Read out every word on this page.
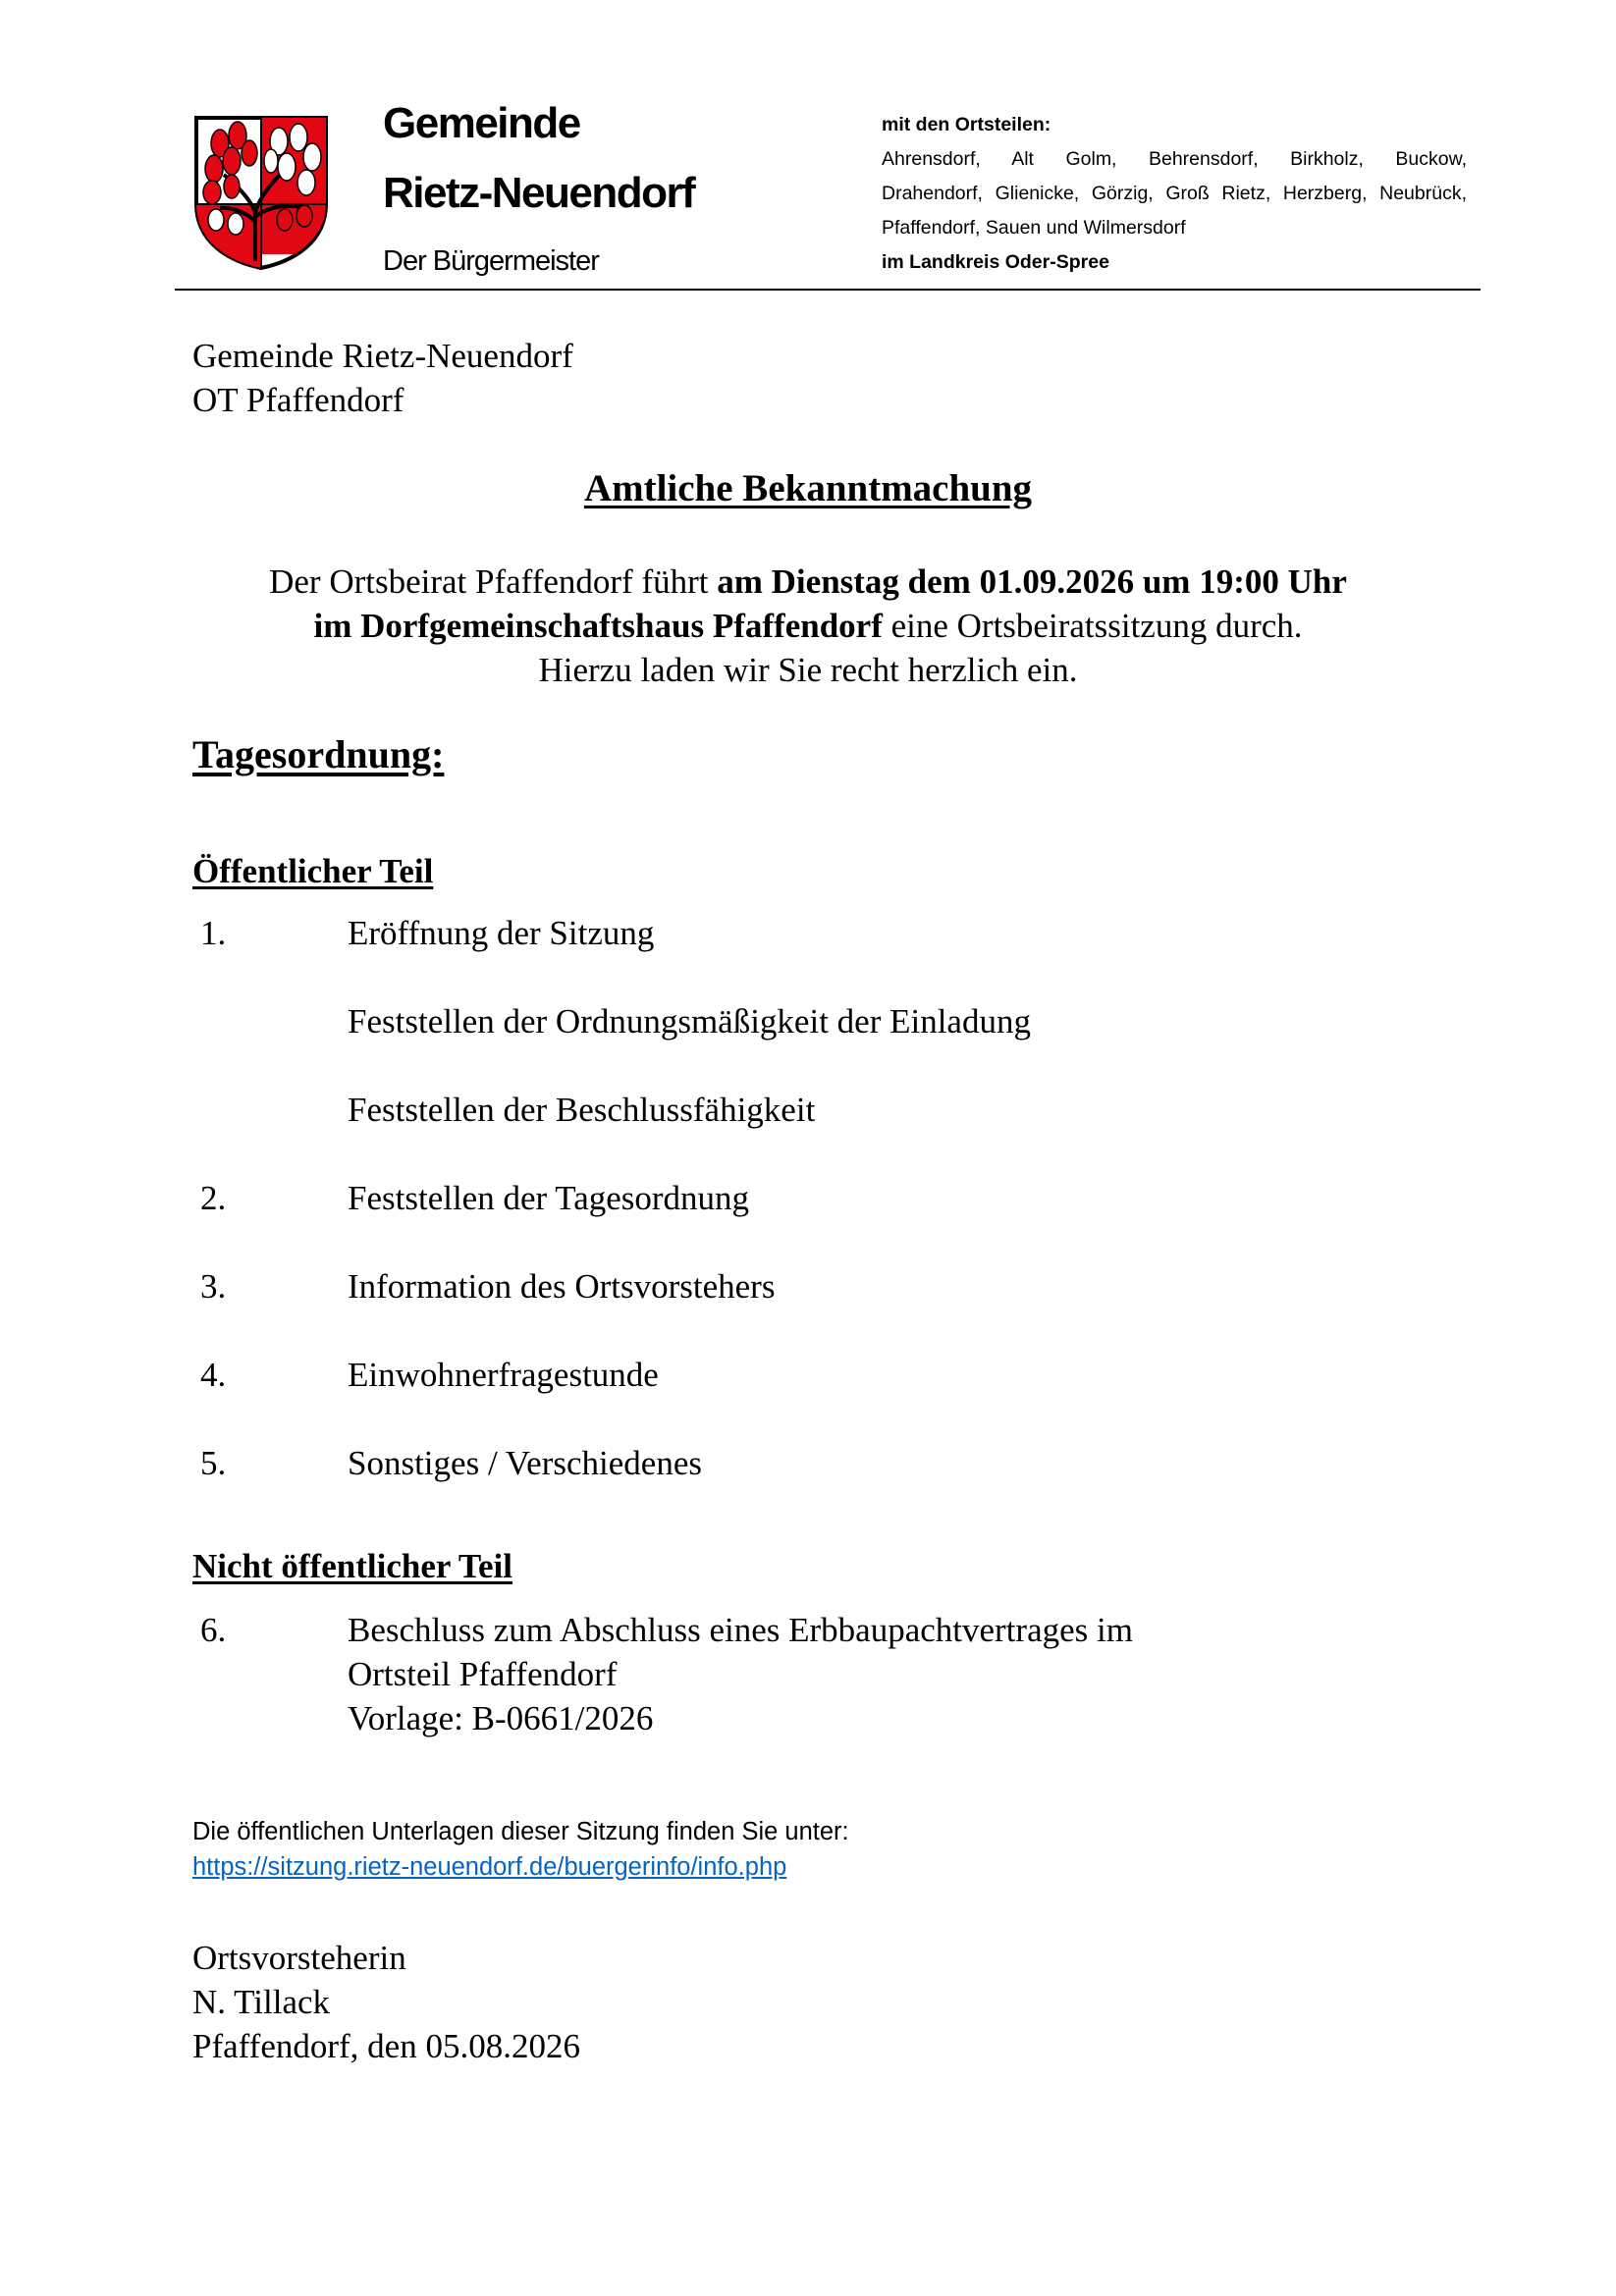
Gemeinde
Rietz-Neuendorf
Der Bürgermeister
mit den Ortsteilen:
Ahrensdorf, Alt Golm, Behrensdorf, Birkholz, Buckow,
Drahendorf, Glienicke, Görzig, Groß Rietz, Herzberg, Neubrück,
Pfaffendorf, Sauen und Wilmersdorf
im Landkreis Oder-Spree
Gemeinde Rietz-Neuendorf
OT Pfaffendorf
Amtliche Bekanntmachung
Der Ortsbeirat Pfaffendorf führt am Dienstag dem 01.09.2026 um 19:00 Uhr
im Dorfgemeinschaftshaus Pfaffendorf eine Ortsbeiratssitzung durch.
Hierzu laden wir Sie recht herzlich ein.
Tagesordnung:
Öffentlicher Teil
1.	Eröffnung der Sitzung
Feststellen der Ordnungsmäßigkeit der Einladung
Feststellen der Beschlussfähigkeit
2.	Feststellen der Tagesordnung
3.	Information des Ortsvorstehers
4.	Einwohnerfragestunde
5.	Sonstiges / Verschiedenes
Nicht öffentlicher Teil
6.	Beschluss zum Abschluss eines Erbbaupachtvertrages im
Ortsteil Pfaffendorf
Vorlage: B-0661/2026
Die öffentlichen Unterlagen dieser Sitzung finden Sie unter:
https://sitzung.rietz-neuendorf.de/buergerinfo/info.php
Ortsvorsteherin
N. Tillack
Pfaffendorf, den 05.08.2026
